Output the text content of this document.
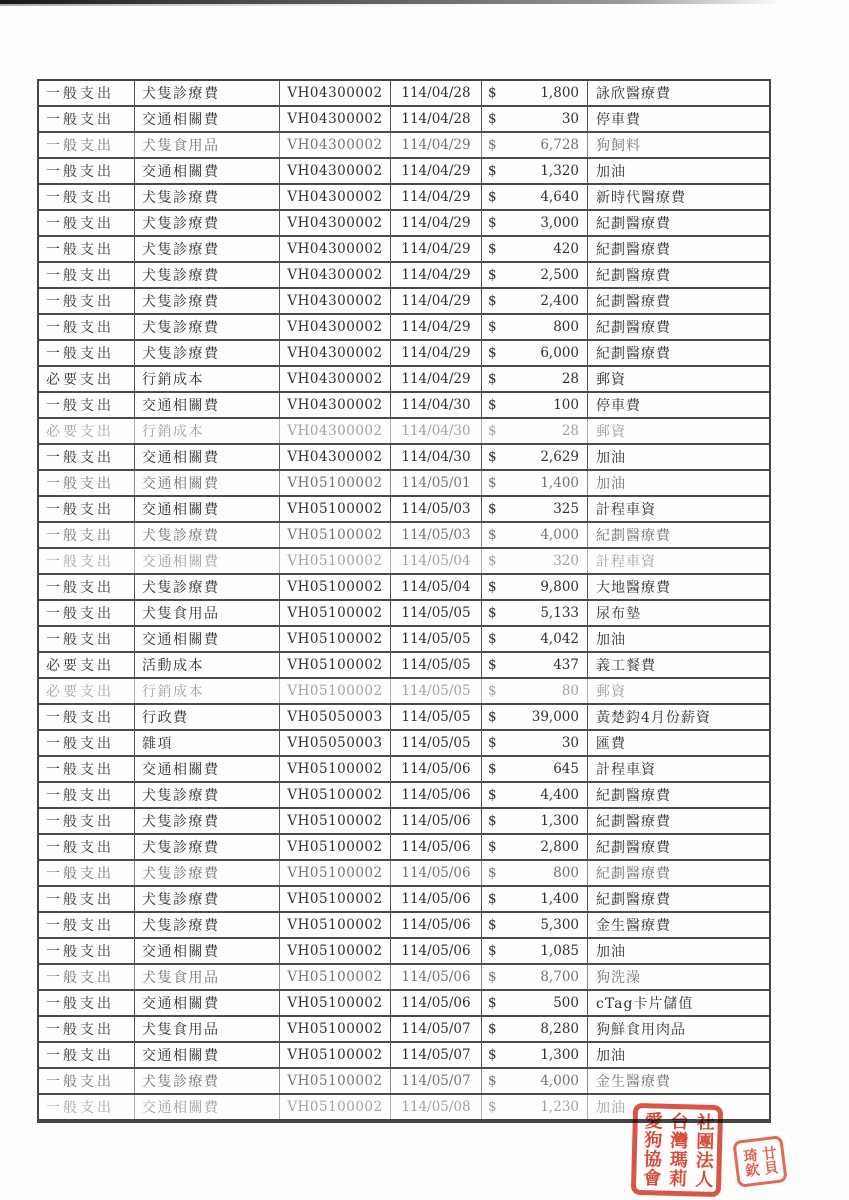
一般支出	犬隻診療費	VH04300002	114/04/28	$	1,800	詠欣醫療費
一般支出	交通相關費	VH04300002	114/04/28	$	30	停車費
一般支出	犬隻食用品	VH04300002	114/04/29	$	6,728	狗飼料
一般支出	交通相關費	VH04300002	114/04/29	$	1,320	加油
一般支出	犬隻診療費	VH04300002	114/04/29	$	4,640	新時代醫療費
一般支出	犬隻診療費	VH04300002	114/04/29	$	3,000	紀劃醫療費
一般支出	犬隻診療費	VH04300002	114/04/29	$	420	紀劃醫療費
一般支出	犬隻診療費	VH04300002	114/04/29	$	2,500	紀劃醫療費
一般支出	犬隻診療費	VH04300002	114/04/29	$	2,400	紀劃醫療費
一般支出	犬隻診療費	VH04300002	114/04/29	$	800	紀劃醫療費
一般支出	犬隻診療費	VH04300002	114/04/29	$	6,000	紀劃醫療費
必要支出	行銷成本	VH04300002	114/04/29	$	28	郵資
一般支出	交通相關費	VH04300002	114/04/30	$	100	停車費
必要支出	行銷成本	VH04300002	114/04/30	$	28	郵資
一般支出	交通相關費	VH04300002	114/04/30	$	2,629	加油
一般支出	交通相關費	VH05100002	114/05/01	$	1,400	加油
一般支出	交通相關費	VH05100002	114/05/03	$	325	計程車資
一般支出	犬隻診療費	VH05100002	114/05/03	$	4,000	紀劃醫療費
一般支出	交通相關費	VH05100002	114/05/04	$	320	計程車資
一般支出	犬隻診療費	VH05100002	114/05/04	$	9,800	大地醫療費
一般支出	犬隻食用品	VH05100002	114/05/05	$	5,133	尿布墊
一般支出	交通相關費	VH05100002	114/05/05	$	4,042	加油
必要支出	活動成本	VH05100002	114/05/05	$	437	義工餐費
必要支出	行銷成本	VH05100002	114/05/05	$	80	郵資
一般支出	行政費	VH05050003	114/05/05	$	39,000	黃楚鈞4月份薪資
一般支出	雜項	VH05050003	114/05/05	$	30	匯費
一般支出	交通相關費	VH05100002	114/05/06	$	645	計程車資
一般支出	犬隻診療費	VH05100002	114/05/06	$	4,400	紀劃醫療費
一般支出	犬隻診療費	VH05100002	114/05/06	$	1,300	紀劃醫療費
一般支出	犬隻診療費	VH05100002	114/05/06	$	2,800	紀劃醫療費
一般支出	犬隻診療費	VH05100002	114/05/06	$	800	紀劃醫療費
一般支出	犬隻診療費	VH05100002	114/05/06	$	1,400	紀劃醫療費
一般支出	犬隻診療費	VH05100002	114/05/06	$	5,300	金生醫療費
一般支出	交通相關費	VH05100002	114/05/06	$	1,085	加油
一般支出	犬隻食用品	VH05100002	114/05/06	$	8,700	狗洗澡
一般支出	交通相關費	VH05100002	114/05/06	$	500	cTag卡片儲值
一般支出	犬隻食用品	VH05100002	114/05/07	$	8,280	狗鮮食用肉品
一般支出	交通相關費	VH05100002	114/05/07	$	1,300	加油
一般支出	犬隻診療費	VH05100002	114/05/07	$	4,000	金生醫療費
一般支出	交通相關費	VH05100002	114/05/08	$	1,230	加油
社團法人
台灣瑪莉
愛狗協會	廿貝
琦欽
